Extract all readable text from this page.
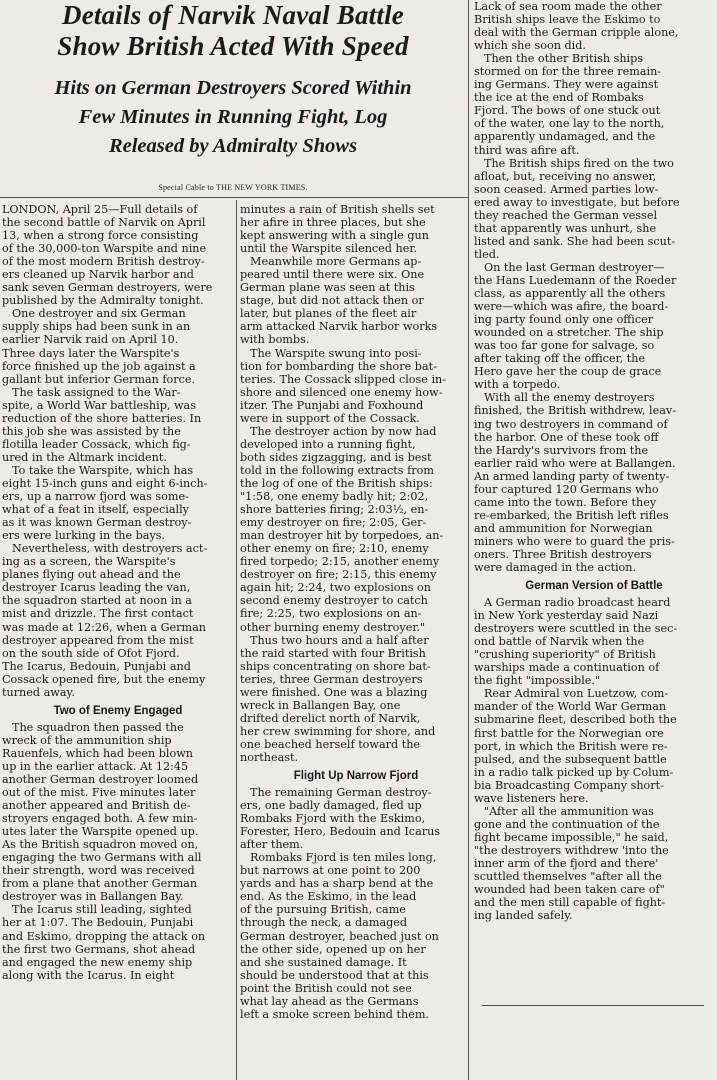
Details of Narvik Naval Battle

Show British Acted With Speed

Hits on German Destroyers Scored Within

Few Minutes in Running Fight, Log

Released by Admiralty Shows

Special Cable to THE NEW YORK TIMES.

LONDON, April 25—Full details of

the second battle of Narvik on April

13, when a strong force consisting

of the 30,000-ton Warspite and nine

of the most modern British destroy-

ers cleaned up Narvik harbor and

sank seven German destroyers, were

published by the Admiralty tonight.

One destroyer and six German

supply ships had been sunk in an

earlier Narvik raid on April 10.

Three days later the Warspite's

force finished up the job against a

gallant but inferior German force.

The task assigned to the War-

spite, a World War battleship, was

reduction of the shore batteries. In

this job she was assisted by the

flotilla leader Cossack, which fig-

ured in the Altmark incident.

To take the Warspite, which has

eight 15-inch guns and eight 6-inch-

ers, up a narrow fjord was some-

what of a feat in itself, especially

as it was known German destroy-

ers were lurking in the bays.

Nevertheless, with destroyers act-

ing as a screen, the Warspite's

planes flying out ahead and the

destroyer Icarus leading the van,

the squadron started at noon in a

mist and drizzle. The first contact

was made at 12:26, when a German

destroyer appeared from the mist

on the south side of Ofot Fjord.

The Icarus, Bedouin, Punjabi and

Cossack opened fire, but the enemy

turned away.

Two of Enemy Engaged

The squadron then passed the

wreck of the ammunition ship

Rauenfels, which had been blown

up in the earlier attack. At 12:45

another German destroyer loomed

out of the mist. Five minutes later

another appeared and British de-

stroyers engaged both. A few min-

utes later the Warspite opened up.

As the British squadron moved on,

engaging the two Germans with all

their strength, word was received

from a plane that another German

destroyer was in Ballangen Bay.

The Icarus still leading, sighted

her at 1:07. The Bedouin, Punjabi

and Eskimo, dropping the attack on

the first two Germans, shot ahead

and engaged the new enemy ship

along with the Icarus. In eight

minutes a rain of British shells set

her afire in three places, but she

kept answering with a single gun

until the Warspite silenced her.

Meanwhile more Germans ap-

peared until there were six. One

German plane was seen at this

stage, but did not attack then or

later, but planes of the fleet air

arm attacked Narvik harbor works

with bombs.

The Warspite swung into posi-

tion for bombarding the shore bat-

teries. The Cossack slipped close in-

shore and silenced one enemy how-

itzer. The Punjabi and Foxhound

were in support of the Cossack.

The destroyer action by now had

developed into a running fight,

both sides zigzagging, and is best

told in the following extracts from

the log of one of the British ships:

"1:58, one enemy badly hit; 2:02,

shore batteries firing; 2:03½, en-

emy destroyer on fire; 2:05, Ger-

man destroyer hit by torpedoes, an-

other enemy on fire; 2:10, enemy

fired torpedo; 2:15, another enemy

destroyer on fire; 2:15, this enemy

again hit; 2:24, two explosions on

second enemy destroyer to catch

fire; 2:25, two explosions on an-

other burning enemy destroyer."

Thus two hours and a half after

the raid started with four British

ships concentrating on shore bat-

teries, three German destroyers

were finished. One was a blazing

wreck in Ballangen Bay, one

drifted derelict north of Narvik,

her crew swimming for shore, and

one beached herself toward the

northeast.

Flight Up Narrow Fjord

The remaining German destroy-

ers, one badly damaged, fled up

Rombaks Fjord with the Eskimo,

Forester, Hero, Bedouin and Icarus

after them.

Rombaks Fjord is ten miles long,

but narrows at one point to 200

yards and has a sharp bend at the

end. As the Eskimo, in the lead

of the pursuing British, came

through the neck, a damaged

German destroyer, beached just on

the other side, opened up on her

and she sustained damage. It

should be understood that at this

point the British could not see

what lay ahead as the Germans

left a smoke screen behind them.

Lack of sea room made the other

British ships leave the Eskimo to

deal with the German cripple alone,

which she soon did.

Then the other British ships

stormed on for the three remain-

ing Germans. They were against

the ice at the end of Rombaks

Fjord. The bows of one stuck out

of the water, one lay to the north,

apparently undamaged, and the

third was afire aft.

The British ships fired on the two

afloat, but, receiving no answer,

soon ceased. Armed parties low-

ered away to investigate, but before

they reached the German vessel

that apparently was unhurt, she

listed and sank. She had been scut-

tled.

On the last German destroyer—

the Hans Luedemann of the Roeder

class, as apparently all the others

were—which was afire, the board-

ing party found only one officer

wounded on a stretcher. The ship

was too far gone for salvage, so

after taking off the officer, the

Hero gave her the coup de grace

with a torpedo.

With all the enemy destroyers

finished, the British withdrew, leav-

ing two destroyers in command of

the harbor. One of these took off

the Hardy's survivors from the

earlier raid who were at Ballangen.

An armed landing party of twenty-

four captured 120 Germans who

came into the town. Before they

re-embarked, the British left rifles

and ammunition for Norwegian

miners who were to guard the pris-

oners. Three British destroyers

were damaged in the action.

German Version of Battle

A German radio broadcast heard

in New York yesterday said Nazi

destroyers were scuttled in the sec-

ond battle of Narvik when the

"crushing superiority" of British

warships made a continuation of

the fight "impossible."

Rear Admiral von Luetzow, com-

mander of the World War German

submarine fleet, described both the

first battle for the Norwegian ore

port, in which the British were re-

pulsed, and the subsequent battle

in a radio talk picked up by Colum-

bia Broadcasting Company short-

wave listeners here.

"After all the ammunition was

gone and the continuation of the

fight became impossible," he said,

"the destroyers withdrew 'into the

inner arm of the fjord and there'

scuttled themselves "after all the

wounded had been taken care of"

and the men still capable of fight-

ing landed safely.
